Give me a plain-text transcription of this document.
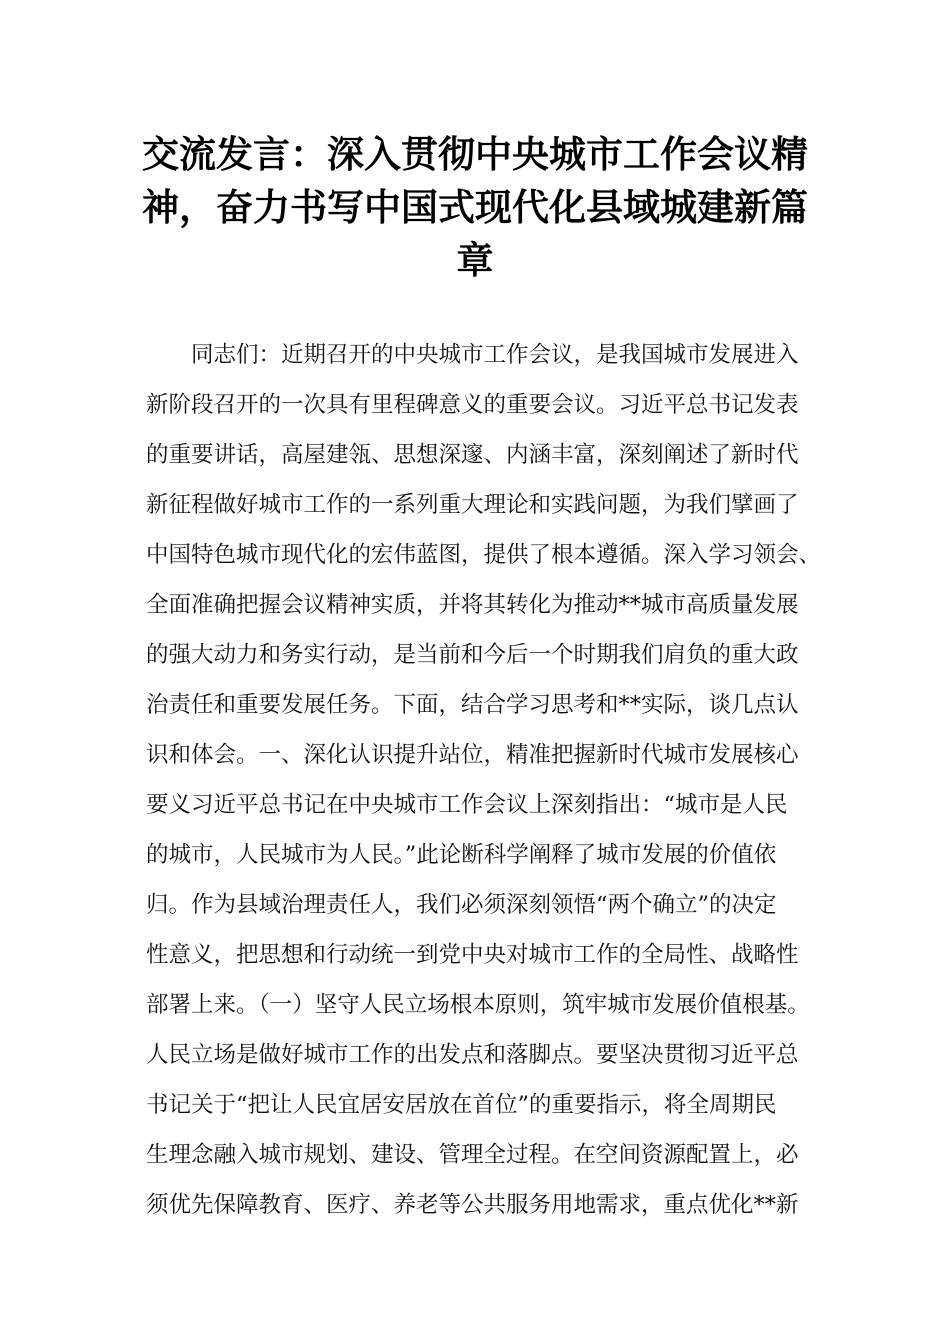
交流发言：深入贯彻中央城市工作会议精
神，奋力书写中国式现代化县域城建新篇
章
同志们：近期召开的中央城市工作会议，是我国城市发展进入
新阶段召开的一次具有里程碑意义的重要会议。习近平总书记发表
的重要讲话，高屋建瓴、思想深邃、内涵丰富，深刻阐述了新时代
新征程做好城市工作的一系列重大理论和实践问题，为我们擘画了
中国特色城市现代化的宏伟蓝图，提供了根本遵循。深入学习领会、
全面准确把握会议精神实质，并将其转化为推动**城市高质量发展
的强大动力和务实行动，是当前和今后一个时期我们肩负的重大政
治责任和重要发展任务。下面，结合学习思考和**实际，谈几点认
识和体会。一、深化认识提升站位，精准把握新时代城市发展核心
要义习近平总书记在中央城市工作会议上深刻指出：“城市是人民
的城市，人民城市为人民。”此论断科学阐释了城市发展的价值依
归。作为县域治理责任人，我们必须深刻领悟“两个确立”的决定
性意义，把思想和行动统一到党中央对城市工作的全局性、战略性
部署上来。（一）坚守人民立场根本原则，筑牢城市发展价值根基。
人民立场是做好城市工作的出发点和落脚点。要坚决贯彻习近平总
书记关于“把让人民宜居安居放在首位”的重要指示，将全周期民
生理念融入城市规划、建设、管理全过程。在空间资源配置上，必
须优先保障教育、医疗、养老等公共服务用地需求，重点优化**新
